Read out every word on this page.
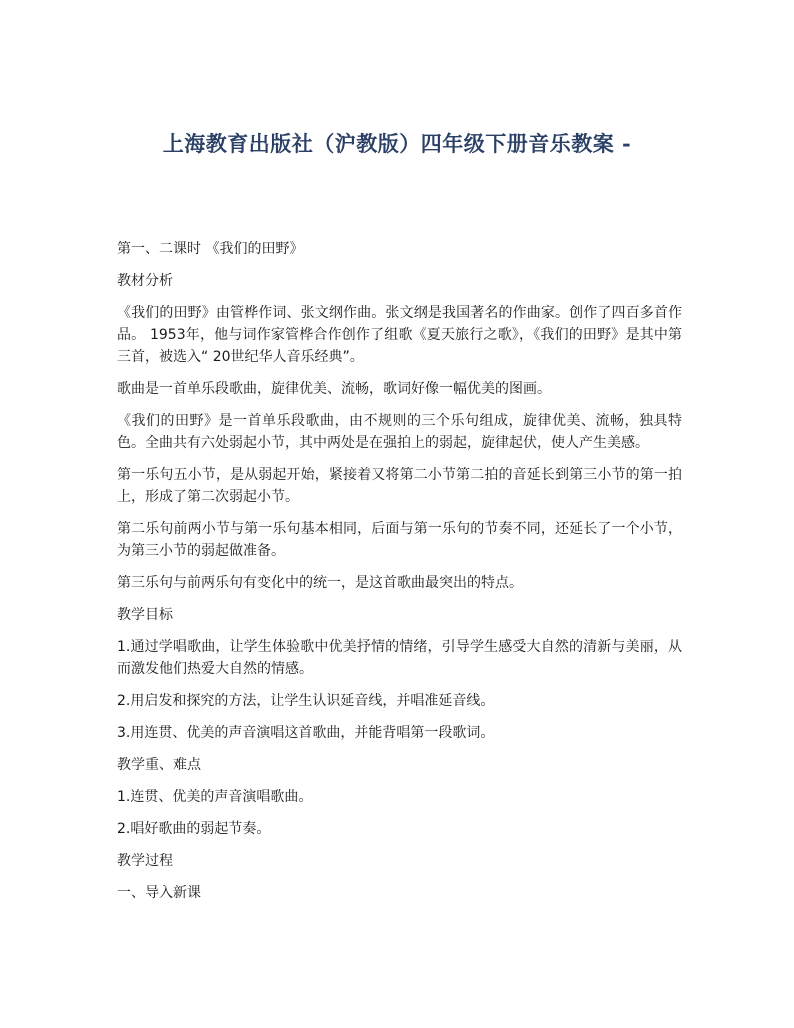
上海教育出版社（沪教版）四年级下册音乐教案 -

第一、二课时 《我们的田野》

教材分析

《我们的田野》由管桦作词、张文纲作曲。张文纲是我国著名的作曲家。创作了四百多首作品。 1953年，他与词作家管桦合作创作了组歌《夏天旅行之歌》，《我们的田野》是其中第三首，被选入“ 20世纪华人音乐经典”。

歌曲是一首单乐段歌曲，旋律优美、流畅，歌词好像一幅优美的图画。

《我们的田野》是一首单乐段歌曲，由不规则的三个乐句组成，旋律优美、流畅，独具特色。全曲共有六处弱起小节，其中两处是在强拍上的弱起，旋律起伏，使人产生美感。

第一乐句五小节，是从弱起开始，紧接着又将第二小节第二拍的音延长到第三小节的第一拍上，形成了第二次弱起小节。

第二乐句前两小节与第一乐句基本相同，后面与第一乐句的节奏不同，还延长了一个小节，为第三小节的弱起做准备。

第三乐句与前两乐句有变化中的统一，是这首歌曲最突出的特点。

教学目标

1.通过学唱歌曲，让学生体验歌中优美抒情的情绪，引导学生感受大自然的清新与美丽，从而激发他们热爱大自然的情感。

2.用启发和探究的方法，让学生认识延音线，并唱准延音线。

3.用连贯、优美的声音演唱这首歌曲，并能背唱第一段歌词。

教学重、难点

1.连贯、优美的声音演唱歌曲。

2.唱好歌曲的弱起节奏。

教学过程

一、导入新课
